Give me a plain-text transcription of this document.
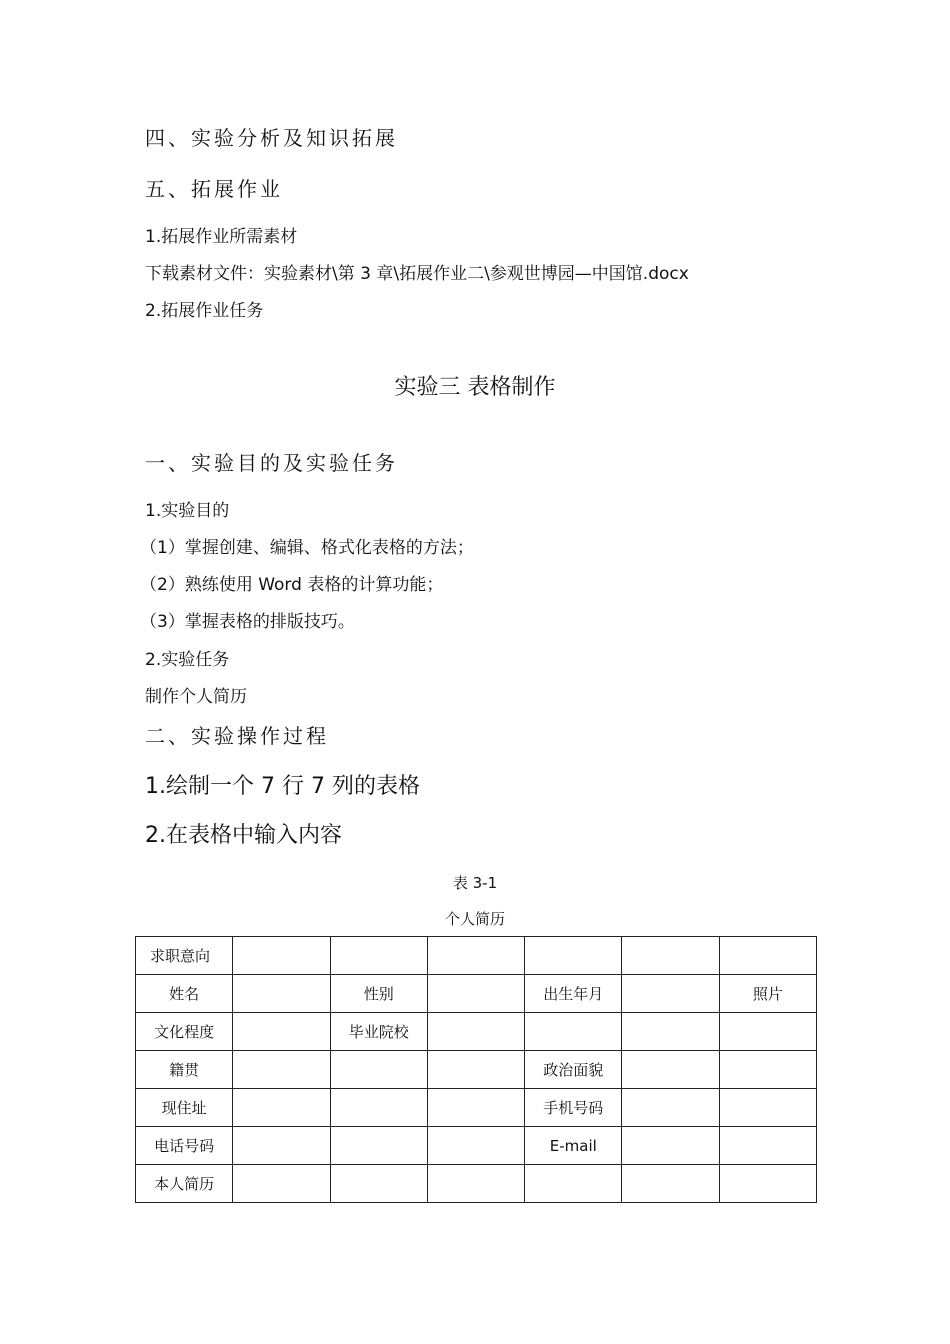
四、实验分析及知识拓展
五、拓展作业
1.拓展作业所需素材
下载素材文件：实验素材\第 3 章\拓展作业二\参观世博园—中国馆.docx
2.拓展作业任务
实验三 表格制作
一、实验目的及实验任务
1.实验目的
（1）掌握创建、编辑、格式化表格的方法；
（2）熟练使用 Word 表格的计算功能；
（3）掌握表格的排版技巧。
2.实验任务
制作个人简历
二、实验操作过程
1.绘制一个 7 行 7 列的表格
2.在表格中输入内容
表 3-1
个人简历
求职意向						
姓名		性别		出生年月		照片
文化程度		毕业院校				
籍贯				政治面貌		
现住址				手机号码		
电话号码				E-mail		
本人简历						
